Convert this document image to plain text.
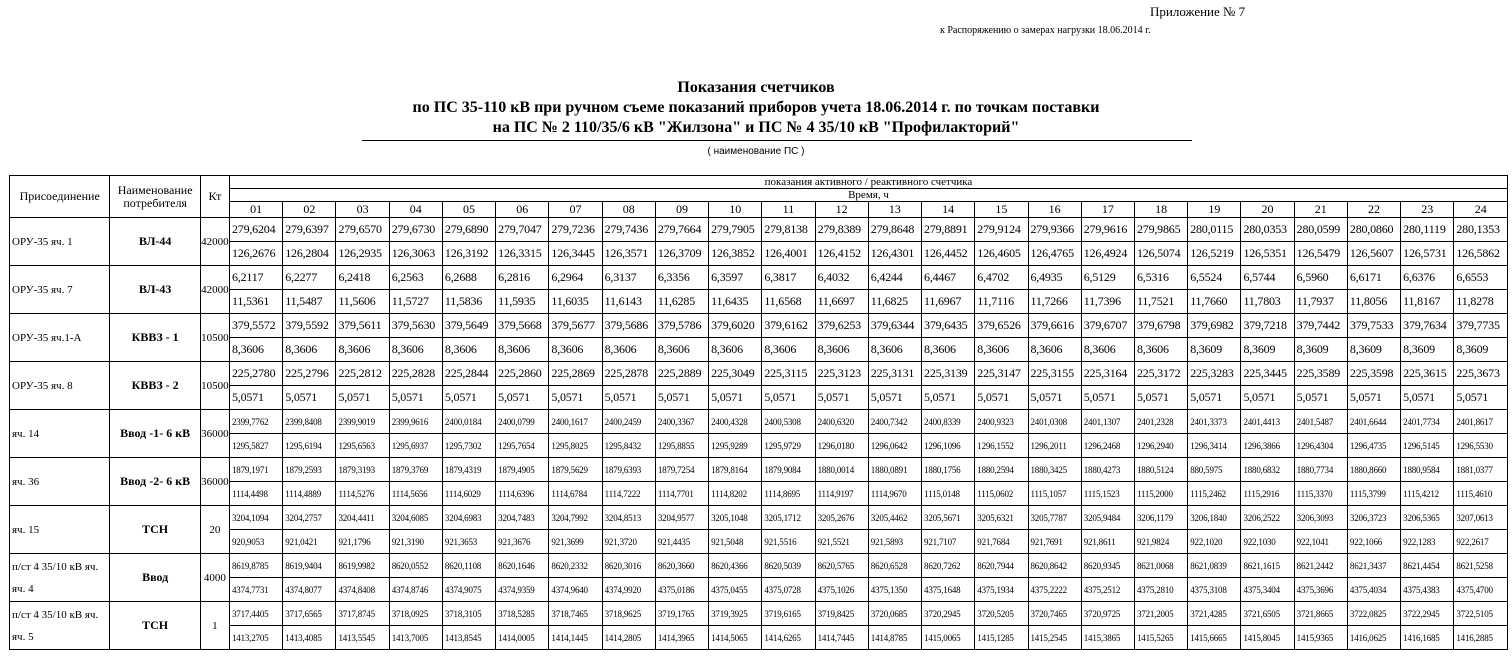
Приложение № 7
к Распоряжению о замерах нагрузки 18.06.2014 г.
Показания счетчиков
по ПС 35-110 кВ при ручном съеме показаний приборов учета 18.06.2014 г. по точкам поставки
на ПС № 2 110/35/6 кВ "Жилзона" и ПС № 4 35/10 кВ "Профилакторий"
( наименование ПС )
Присоединение	Наименование потребителя	Кт	показания активного / реактивного счетчика																							
			Время, ч																							
			01	02	03	04	05	06	07	08	09	10	11	12	13	14	15	16	17	18	19	20	21	22	23	24

ОРУ-35 яч. 1	ВЛ-44	42000	279,6204	279,6397	279,6570	279,6730	279,6890	279,7047	279,7236	279,7436	279,7664	279,7905	279,8138	279,8389	279,8648	279,8891	279,9124	279,9366	279,9616	279,9865	280,0115	280,0353	280,0599	280,0860	280,1119	280,1353
			126,2676	126,2804	126,2935	126,3063	126,3192	126,3315	126,3445	126,3571	126,3709	126,3852	126,4001	126,4152	126,4301	126,4452	126,4605	126,4765	126,4924	126,5074	126,5219	126,5351	126,5479	126,5607	126,5731	126,5862

ОРУ-35 яч. 7	ВЛ-43	42000	6,2117	6,2277	6,2418	6,2563	6,2688	6,2816	6,2964	6,3137	6,3356	6,3597	6,3817	6,4032	6,4244	6,4467	6,4702	6,4935	6,5129	6,5316	6,5524	6,5744	6,5960	6,6171	6,6376	6,6553
			11,5361	11,5487	11,5606	11,5727	11,5836	11,5935	11,6035	11,6143	11,6285	11,6435	11,6568	11,6697	11,6825	11,6967	11,7116	11,7266	11,7396	11,7521	11,7660	11,7803	11,7937	11,8056	11,8167	11,8278

ОРУ-35 яч.1-А	КВВЗ - 1	10500	379,5572	379,5592	379,5611	379,5630	379,5649	379,5668	379,5677	379,5686	379,5786	379,6020	379,6162	379,6253	379,6344	379,6435	379,6526	379,6616	379,6707	379,6798	379,6982	379,7218	379,7442	379,7533	379,7634	379,7735
			8,3606	8,3606	8,3606	8,3606	8,3606	8,3606	8,3606	8,3606	8,3606	8,3606	8,3606	8,3606	8,3606	8,3606	8,3606	8,3606	8,3606	8,3606	8,3609	8,3609	8,3609	8,3609	8,3609	8,3609

ОРУ-35 яч. 8	КВВЗ - 2	10500	225,2780	225,2796	225,2812	225,2828	225,2844	225,2860	225,2869	225,2878	225,2889	225,3049	225,3115	225,3123	225,3131	225,3139	225,3147	225,3155	225,3164	225,3172	225,3283	225,3445	225,3589	225,3598	225,3615	225,3673
			5,0571	5,0571	5,0571	5,0571	5,0571	5,0571	5,0571	5,0571	5,0571	5,0571	5,0571	5,0571	5,0571	5,0571	5,0571	5,0571	5,0571	5,0571	5,0571	5,0571	5,0571	5,0571	5,0571	5,0571

яч. 14	Ввод -1- 6 кВ	36000	2399,7762	2399,8408	2399,9019	2399,9616	2400,0184	2400,0799	2400,1617	2400,2459	2400,3367	2400,4328	2400,5308	2400,6320	2400,7342	2400,8339	2400,9323	2401,0308	2401,1307	2401,2328	2401,3373	2401,4413	2401,5487	2401,6644	2401,7734	2401,8617
			1295,5827	1295,6194	1295,6563	1295,6937	1295,7302	1295,7654	1295,8025	1295,8432	1295,8855	1295,9289	1295,9729	1296,0180	1296,0642	1296,1096	1296,1552	1296,2011	1296,2468	1296,2940	1296,3414	1296,3866	1296,4304	1296,4735	1296,5145	1296,5530

яч. 36	Ввод -2- 6 кВ	36000	1879,1971	1879,2593	1879,3193	1879,3769	1879,4319	1879,4905	1879,5629	1879,6393	1879,7254	1879,8164	1879,9084	1880,0014	1880,0891	1880,1756	1880,2594	1880,3425	1880,4273	1880,5124	880,5975	1880,6832	1880,7734	1880,8660	1880,9584	1881,0377
			1114,4498	1114,4889	1114,5276	1114,5656	1114,6029	1114,6396	1114,6784	1114,7222	1114,7701	1114,8202	1114,8695	1114,9197	1114,9670	1115,0148	1115,0602	1115,1057	1115,1523	1115,2000	1115,2462	1115,2916	1115,3370	1115,3799	1115,4212	1115,4610

яч. 15	ТСН	20	3204,1094	3204,2757	3204,4411	3204,6085	3204,6983	3204,7483	3204,7992	3204,8513	3204,9577	3205,1048	3205,1712	3205,2676	3205,4462	3205,5671	3205,6321	3205,7787	3205,9484	3206,1179	3206,1840	3206,2522	3206,3093	3206,3723	3206,5365	3207,0613
			920,9053	921,0421	921,1796	921,3190	921,3653	921,3676	921,3699	921,3720	921,4435	921,5048	921,5516	921,5521	921,5893	921,7107	921,7684	921,7691	921,8611	921,9824	922,1020	922,1030	922,1041	922,1066	922,1283	922,2617

п/ст 4 35/10 кВ яч.
яч. 4	Ввод	4000	8619,8785	8619,9404	8619,9982	8620,0552	8620,1108	8620,1646	8620,2332	8620,3016	8620,3660	8620,4366	8620,5039	8620,5765	8620,6528	8620,7262	8620,7944	8620,8642	8620,9345	8621,0068	8621,0839	8621,1615	8621,2442	8621,3437	8621,4454	8621,5258
			4374,7731	4374,8077	4374,8408	4374,8746	4374,9075	4374,9359	4374,9640	4374,9920	4375,0186	4375,0455	4375,0728	4375,1026	4375,1350	4375,1648	4375,1934	4375,2222	4375,2512	4375,2810	4375,3108	4375,3404	4375,3696	4375,4034	4375,4383	4375,4700

п/ст 4 35/10 кВ яч.
яч. 5	ТСН	1	3717,4405	3717,6565	3717,8745	3718,0925	3718,3105	3718,5285	3718,7465	3718,9625	3719,1765	3719,3925	3719,6165	3719,8425	3720,0685	3720,2945	3720,5205	3720,7465	3720,9725	3721,2005	3721,4285	3721,6505	3721,8665	3722,0825	3722,2945	3722,5105
			1413,2705	1413,4085	1413,5545	1413,7005	1413,8545	1414,0005	1414,1445	1414,2805	1414,3965	1414,5065	1414,6265	1414,7445	1414,8785	1415,0065	1415,1285	1415,2545	1415,3865	1415,5265	1415,6665	1415,8045	1415,9365	1416,0625	1416,1685	1416,2885
